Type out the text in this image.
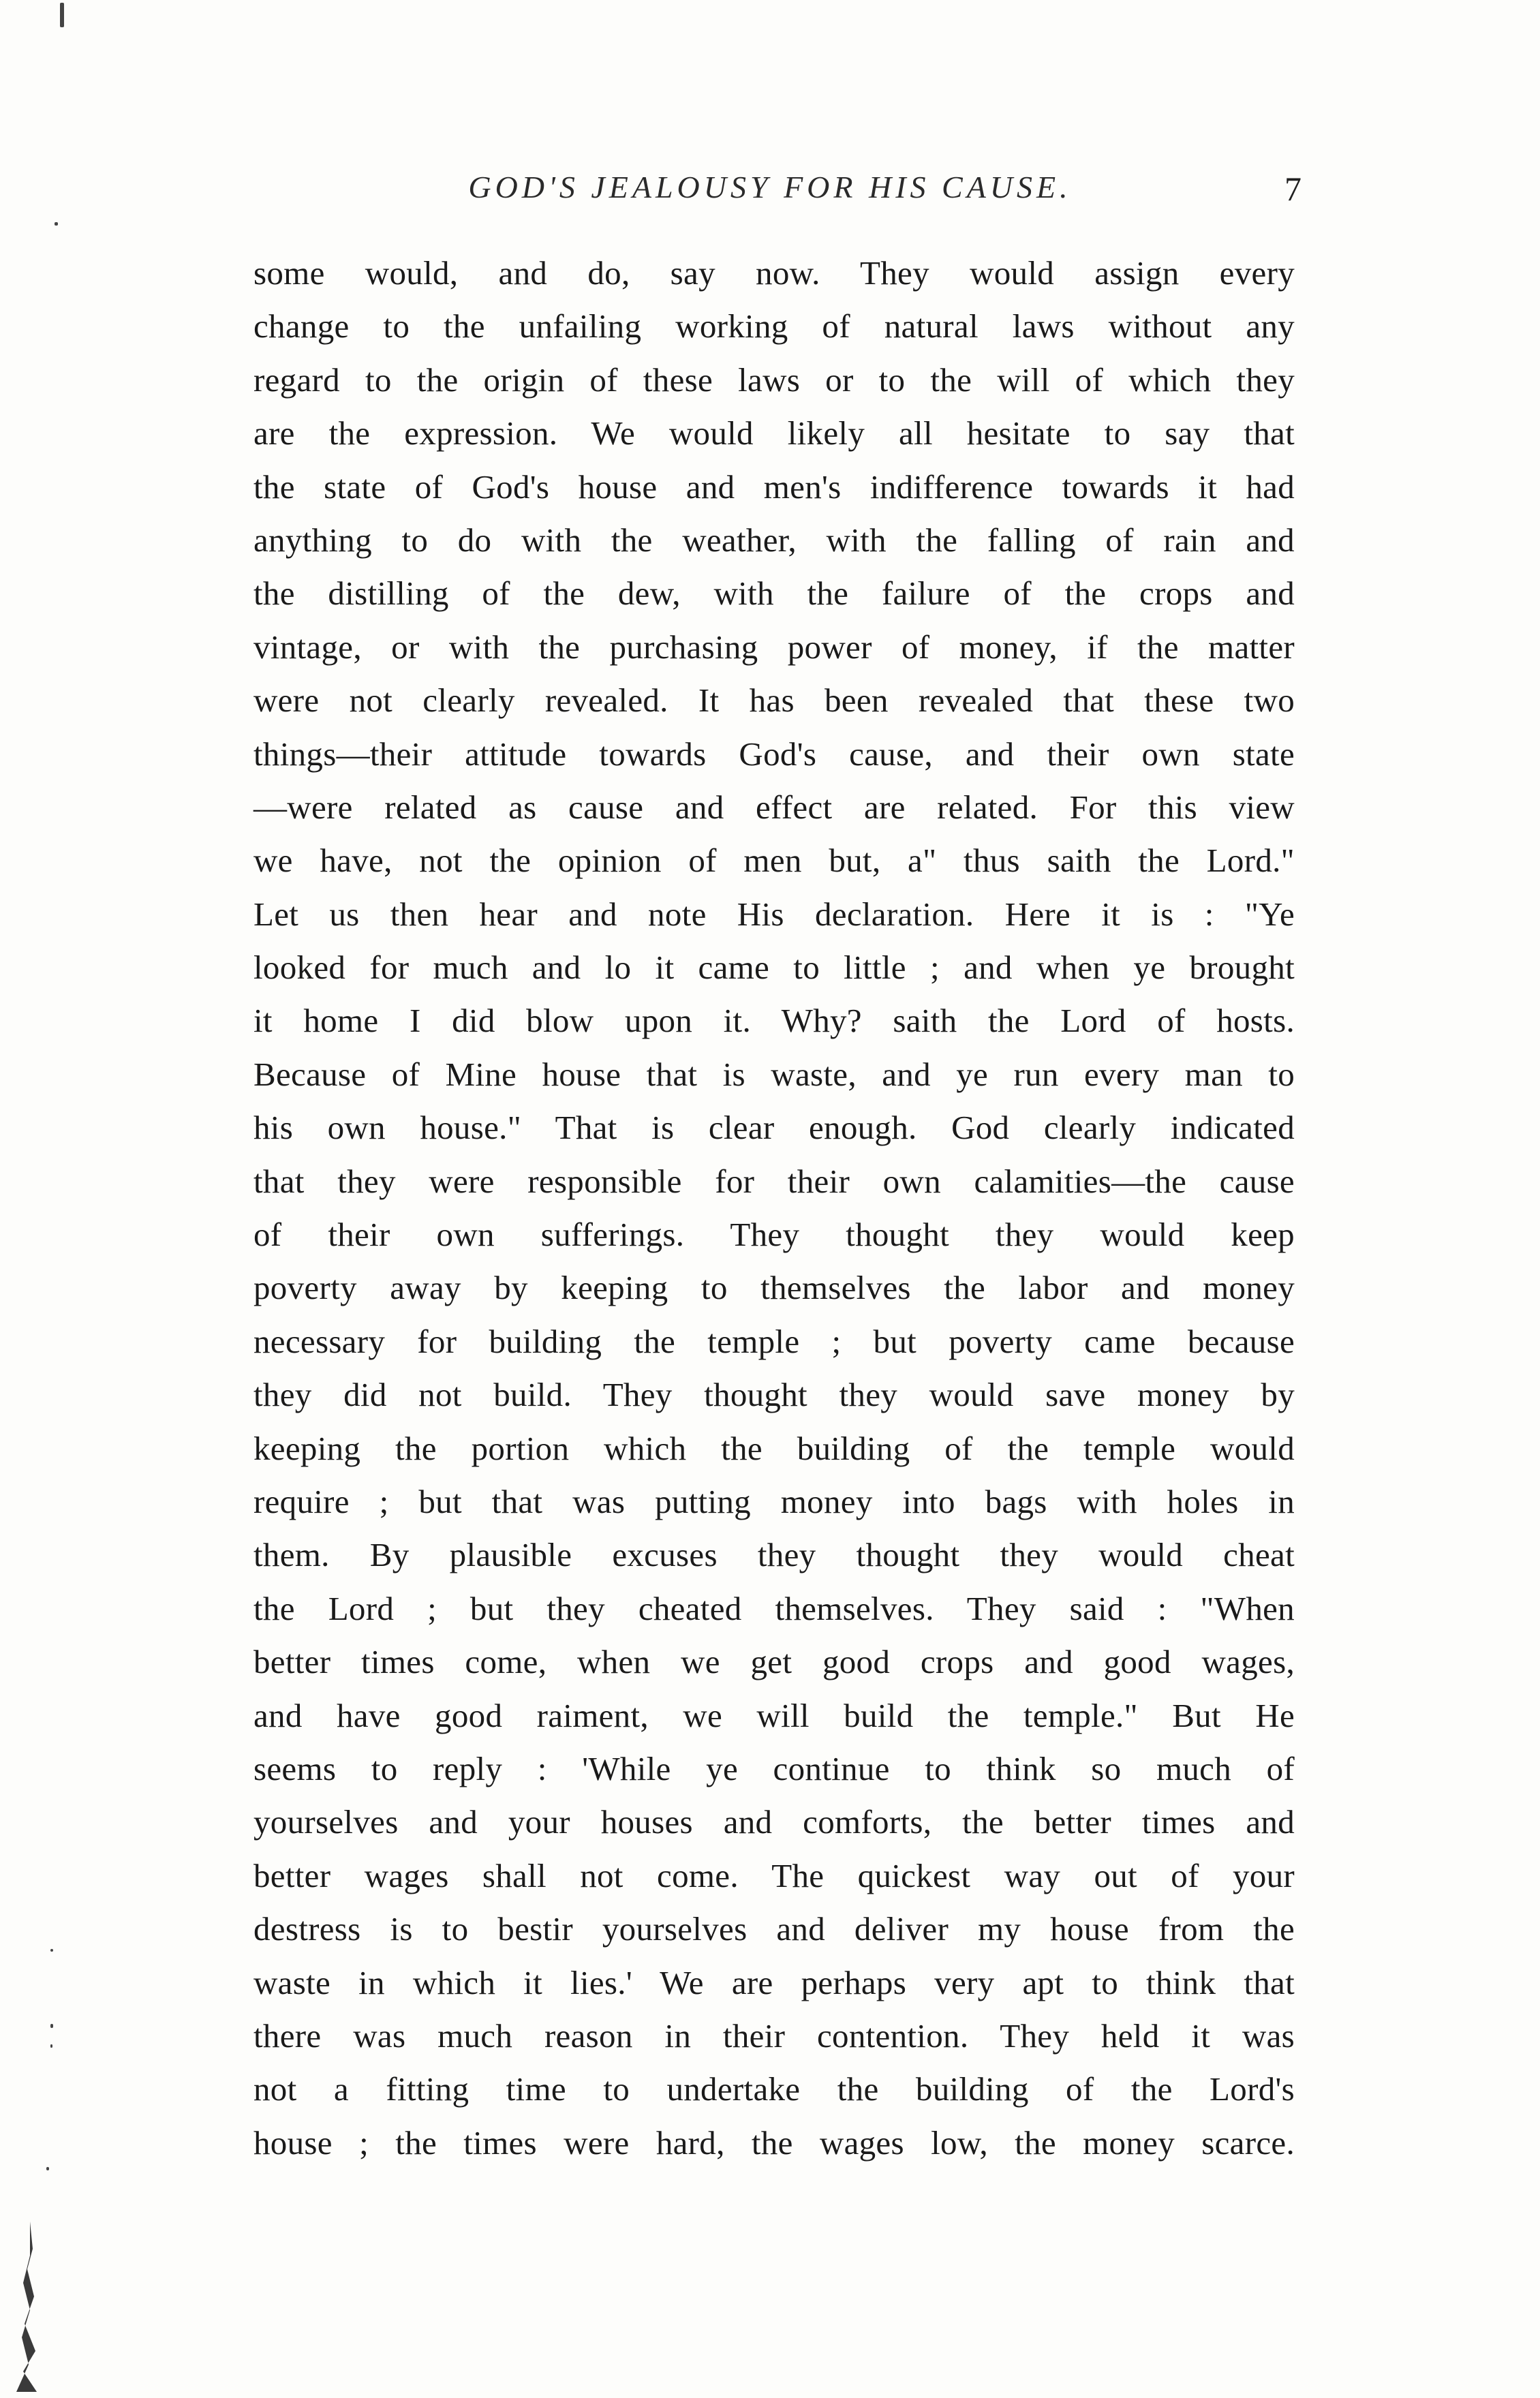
GOD'S JEALOUSY FOR HIS CAUSE.	7
some would, and do, say now. They would assign every
change to the unfailing working of natural laws without any
regard to the origin of these laws or to the will of which they
are the expression. We would likely all hesitate to say that
the state of God's house and men's indifference towards it had
anything to do with the weather, with the falling of rain and
the distilling of the dew, with the failure of the crops and
vintage, or with the purchasing power of money, if the matter
were not clearly revealed. It has been revealed that these two
things—their attitude towards God's cause, and their own state
—were related as cause and effect are related. For this view
we have, not the opinion of men but, a" thus saith the Lord."
Let us then hear and note His declaration. Here it is : "Ye
looked for much and lo it came to little ; and when ye brought
it home I did blow upon it. Why? saith the Lord of hosts.
Because of Mine house that is waste, and ye run every man to
his own house." That is clear enough. God clearly indicated
that they were responsible for their own calamities—the cause
of their own sufferings. They thought they would keep
poverty away by keeping to themselves the labor and money
necessary for building the temple ; but poverty came because
they did not build. They thought they would save money by
keeping the portion which the building of the temple would
require ; but that was putting money into bags with holes in
them. By plausible excuses they thought they would cheat
the Lord ; but they cheated themselves. They said : "When
better times come, when we get good crops and good wages,
and have good raiment, we will build the temple." But He
seems to reply : 'While ye continue to think so much of
yourselves and your houses and comforts, the better times and
better wages shall not come. The quickest way out of your
destress is to bestir yourselves and deliver my house from the
waste in which it lies.' We are perhaps very apt to think that
there was much reason in their contention. They held it was
not a fitting time to undertake the building of the Lord's
house ; the times were hard, the wages low, the money scarce.
